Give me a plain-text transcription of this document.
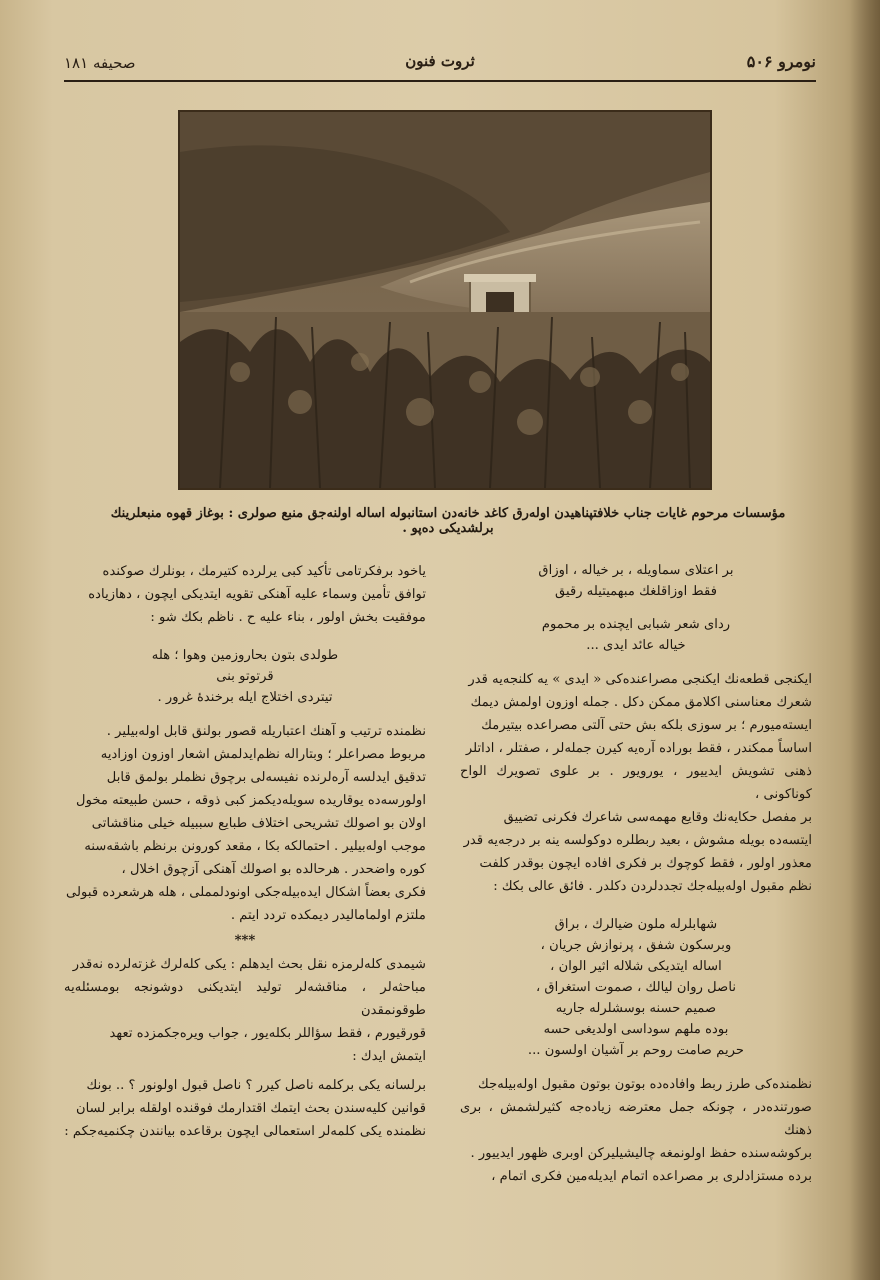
نومرو ۵۰۶
ثروت فنون
صحیفه ۱۸۱
مؤسسات مرحوم غایات جناب خلافتپناهیدن اولەرق کاغد خانەدن استانبوله اساله اولنەجق منبع صولری : بوغاز قهوه منبعلرینك برلشدیکی دەپو .

بر اعتلای سماویله ، بر خیاله ، اوزاق

فقط اوزاقلغك مبهمیتیله رقیق

ردای شعر شبابی ایچنده بر محموم

خیاله عائد ایدی ...

ایکنجی قطعەنك ایکنجی مصراعندەکی « ایدی » یه کلنجەیه قدر

شعرك معناسنی اکلامق ممکن دکل . جمله اوزون اولمش دیمك

ایسته‌میورم ؛ بر سوزی بلکه بش حتی آلتی مصراعده بیتیرمك

اساساً ممکندر ، فقط بورادە آرەیه کیرن جمله‌لر ، صفتلر ، اداتلر

ذهنی تشویش ایدییور ، یورویور . بر علوی تصویرك الواح کوناکونی ،

بر مفصل حکایەنك وقایع مهمەسی شاعرك فکرنی تضییق

ایتسەده بویله مشوش ، بعید ربطلره دوکولسه ینه بر درجەیه قدر

معذور اولور ، فقط کوچوك بر فکری افاده ایچون بوقدر کلفت

نظم مقبول اوله‌بیله‌جك تجددلردن دکلدر . فائق عالی بکك :

شهابلرله ملون ضیالرك ، براق

وبرسکون شفق ، پرنوازش جریان ،

اساله ایتدیکی شلاله اثیر الوان ،

ناصل روان لیالك ، صموت استغراق ،

صمیم حسنه بوسشلرله جاریه

بوده ملهم سوداسی اولدیغی حسه

حریم صامت روحم بر آشیان اولسون ...

نظمندەکی طرز ربط وافاده‌ده بوتون بوتون مقبول اوله‌بیله‌جك

صورتندەدر ، چونکه جمل معترضه زیادەجه کثیرلشمش ، بری ذهنك

برکوشەسنده حفظ اولونمغه چالیشیلیرکن اوبری ظهور ایدییور .

برده مستزادلری بر مصراعده اتمام ایدیله‌مین فکری اتمام ،

یاخود برفکرتامی تأکید کبی یرلرده کتیرمك ، بونلرك صوکنده

توافق تأمین وسماء علیه آهنکی تقویه ایتدیکی ایچون ، دهازیاده

موفقیت بخش اولور ، بناء علیه ح . ناظم بکك شو :

طولدی بتون بحاروزمین وهوا ؛ هله

قرتوتو بنی

تیتردی اختلاج ایله برخندهٔ غرور .

نظمنده ترتیب و آهنك اعتباریله قصور بولنق قابل اوله‌بیلیر .

مربوط مصراعلر ؛ وبتاراله نظم‌ایدلمش اشعار اوزون اوزادیه

تدقیق ایدلسه آره‌لرنده نفیسه‌لی برچوق نظملر بولمق قابل

اولورسەده یوقاریده سویله‌دیکمز کبی ذوقه ، حسن طبیعته مخول

اولان بو اصولك تشریحی اختلاف طبایع سببیله خیلی مناقشاتی

موجب اوله‌بیلیر . احتمالکه بکا ، مقعد کورونن برنظم باشقەسنه

کوره واضحدر . هرحالده بو اصولك آهنکی آزچوق اخلال ،

فکری بعضاً اشکال ایده‌بیله‌جکی اونودلمملی ، هله هرشعرده قبولی

ملتزم اولمامالیدر دیمکده تردد ایتم .

***

شیمدی کلەلرمزه نقل بحث ایدهلم : یکی کلەلرك غزتەلرده نەقدر

مباحثەلر ، مناقشەلر تولید ایتدیکنی دوشونجه بومسئله‌یه طوقونمقدن

قورقیورم ، فقط سؤاللر بکله‌یور ، جواب ویره‌جکمزده تعهد

ایتمش ایدك :

برلسانه یکی برکلمه ناصل کیرر ؟ ناصل قبول اولونور ؟ .. بونك

قوانین کلیەسندن بحث ایتمك اقتدارمك فوقنده اولقله برابر لسان

نظمنده یکی کلمەلر استعمالی ایچون برقاعده بیانندن چکنمیه‌جکم :
